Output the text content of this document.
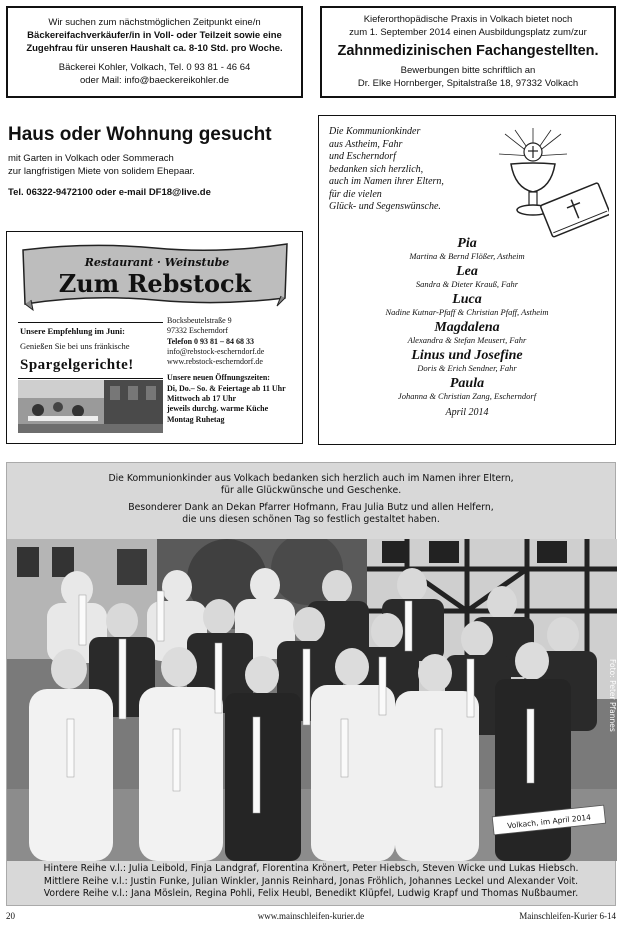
Wir suchen zum nächstmöglichen Zeitpunkt eine/n
Bäckereifachverkäufer/in in Voll- oder Teilzeit sowie eine
Zugehfrau für unseren Haushalt ca. 8-10 Std. pro Woche.
Bäckerei Kohler, Volkach, Tel. 0 93 81 - 46 64
oder Mail: info@baeckereikohler.de
Kieferorthopädische Praxis in Volkach bietet noch
zum 1. September 2014 einen Ausbildungsplatz zum/zur
Zahnmedizinischen Fachangestellten.
Bewerbungen bitte schriftlich an
Dr. Elke Hornberger, Spitalstraße 18, 97332 Volkach
Haus oder Wohnung gesucht
mit Garten in Volkach oder Sommerach
zur langfristigen Miete von solidem Ehepaar.
Tel. 06322-9472100 oder e-mail DF18@live.de
Restaurant · Weinstube
Zum Rebstock
Unsere Empfehlung im Juni:
Genießen Sie bei uns fränkische
Spargelgerichte!
Bocksbeutelstraße 9
97332 Escherndorf
Telefon 0 93 81 – 84 68 33
info@rebstock-escherndorf.de
www.rebstock-escherndorf.de
Unsere neuen Öffnungszeiten:
Di, Do.– So. & Feiertage ab 11 Uhr
Mittwoch ab 17 Uhr
jeweils durchg. warme Küche
Montag Ruhetag
Die Kommunionkinder
aus Astheim, Fahr
und Escherndorf
bedanken sich herzlich,
auch im Namen ihrer Eltern,
für die vielen
Glück- und Segenswünsche.
Pia
Martina & Bernd Flößer, Astheim
Lea
Sandra & Dieter Krauß, Fahr
Luca
Nadine Kutnar-Pfaff & Christian Pfaff, Astheim
Magdalena
Alexandra & Stefan Meusert, Fahr
Linus und Josefine
Doris & Erich Sendner, Fahr
Paula
Johanna & Christian Zang, Escherndorf
April 2014
Die Kommunionkinder aus Volkach bedanken sich herzlich auch im Namen ihrer Eltern,
für alle Glückwünsche und Geschenke.
Besonderer Dank an Dekan Pfarrer Hofmann, Frau Julia Butz und allen Helfern,
die uns diesen schönen Tag so festlich gestaltet haben.
Volkach, im April 2014
Foto: Peter Pfannes
Hintere Reihe v.l.: Julia Leibold, Finja Landgraf, Florentina Krönert, Peter Hiebsch, Steven Wicke und Lukas Hiebsch.
Mittlere Reihe v.l.: Justin Funke, Julian Winkler, Jannis Reinhard, Jonas Fröhlich, Johannes Leckel und Alexander Voit.
Vordere Reihe v.l.: Jana Möslein, Regina Pohli, Felix Heubl, Benedikt Klüpfel, Ludwig Krapf und Thomas Nußbaumer.
20	www.mainschleifen-kurier.de	Mainschleifen-Kurier 6-14
